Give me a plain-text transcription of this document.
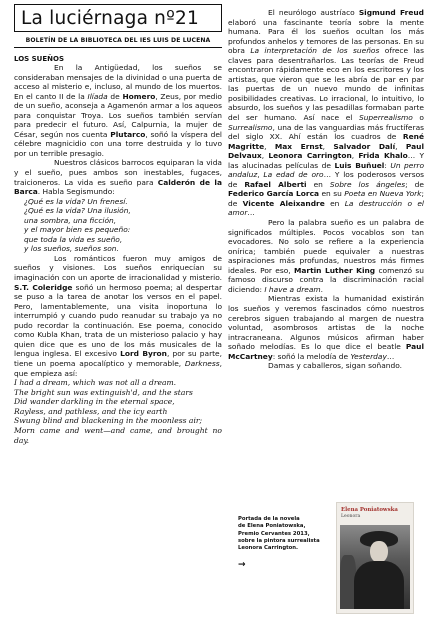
La luciérnaga nº21
BOLETÍN DE LA BIBLIOTECA DEL IES LUIS DE LUCENA
LOS SUEÑOS

En la Antigüedad, los sueños se consideraban mensajes de la divinidad o una puerta de acceso al misterio e, incluso, al mundo de los muertos. En el canto II de la Ilíada de Homero, Zeus, por medio de un sueño, aconseja a Agamenón armar a los aqueos para conquistar Troya. Los sueños también servían para predecir el futuro. Así, Calpurnia, la mujer de César, según nos cuenta Plutarco, soñó la víspera del célebre magnicidio con una torre destruida y lo tuvo por un terrible presagio.

Nuestros clásicos barrocos equiparan la vida y el sueño, pues ambos son inestables, fugaces, traicioneros. La vida es sueño para Calderón de la Barca. Habla Segismundo:

¿Qué es la vida? Un frenesí.
¿Qué es la vida? Una ilusión,
una sombra, una ficción,
y el mayor bien es pequeño:
que toda la vida es sueño,
y los sueños, sueños son.

Los románticos fueron muy amigos de sueños y visiones. Los sueños enriquecían su imaginación con un aporte de irracionalidad y misterio. S.T. Coleridge soñó un hermoso poema; al despertar se puso a la tarea de anotar los versos en el papel. Pero, lamentablemente, una visita inoportuna lo interrumpió y cuando pudo reanudar su trabajo ya no pudo recordar la continuación. Ese poema, conocido como Kubla Khan, trata de un misterioso palacio y hay quien dice que es uno de los más musicales de la lengua inglesa. El excesivo Lord Byron, por su parte, tiene un poema apocalíptico y memorable, Darkness, que empieza así:

I had a dream, which was not all a dream.
The bright sun was extinguish'd, and the stars
Did wander darkling in the eternal space,
Rayless, and pathless, and the icy earth
Swung blind and blackening in the moonless air;
Morn came and went—and came, and brought no day.

El neurólogo austríaco Sigmund Freud elaboró una fascinante teoría sobre la mente humana. Para él los sueños ocultan los más profundos anhelos y temores de las personas. En su obra La interpretación de los sueños ofrece las claves para desentrañarlos. Las teorías de Freud encontraron rápidamente eco en los escritores y los artistas, que vieron que se les abría de par en par las puertas de un nuevo mundo de infinitas posibilidades creativas. Lo irracional, lo intuitivo, lo absurdo, los sueños y las pesadillas formaban parte del ser humano. Así nace el Superrealismo o Surrealismo, una de las vanguardias más fructíferas del siglo XX. Ahí están los cuadros de René Magritte, Max Ernst, Salvador Dalí, Paul Delvaux, Leonora Carrington, Frida Khalo… Y las alucinadas películas de Luis Buñuel: Un perro andaluz, La edad de oro… Y los poderosos versos de Rafael Alberti en Sobre los ángeles; de Federico García Lorca en su Poeta en Nueva York; de Vicente Aleixandre en La destrucción o el amor…

Pero la palabra sueño es un palabra de significados múltiples. Pocos vocablos son tan evocadores. No solo se refiere a la experiencia onírica; también puede equivaler a nuestras aspiraciones más profundas, nuestros más firmes ideales. Por eso, Martin Luther King comenzó su famoso discurso contra la discriminación racial diciendo: I have a dream.

Mientras exista la humanidad existirán los sueños y veremos fascinados cómo nuestros cerebros siguen trabajando al margen de nuestra voluntad, asombrosos artistas de la noche intracraneana. Algunos músicos afirman haber soñado melodías. Es lo que dice el beatle Paul McCartney: soñó la melodía de Yesterday…

Damas y caballeros, sigan soñando.

Portada de la novela
de Elena Poniatowska,
Premio Cervantes 2013,
sobre la pintora surrealista
Leonora Carrington.
→
Elena Poniatowska
Leonora
